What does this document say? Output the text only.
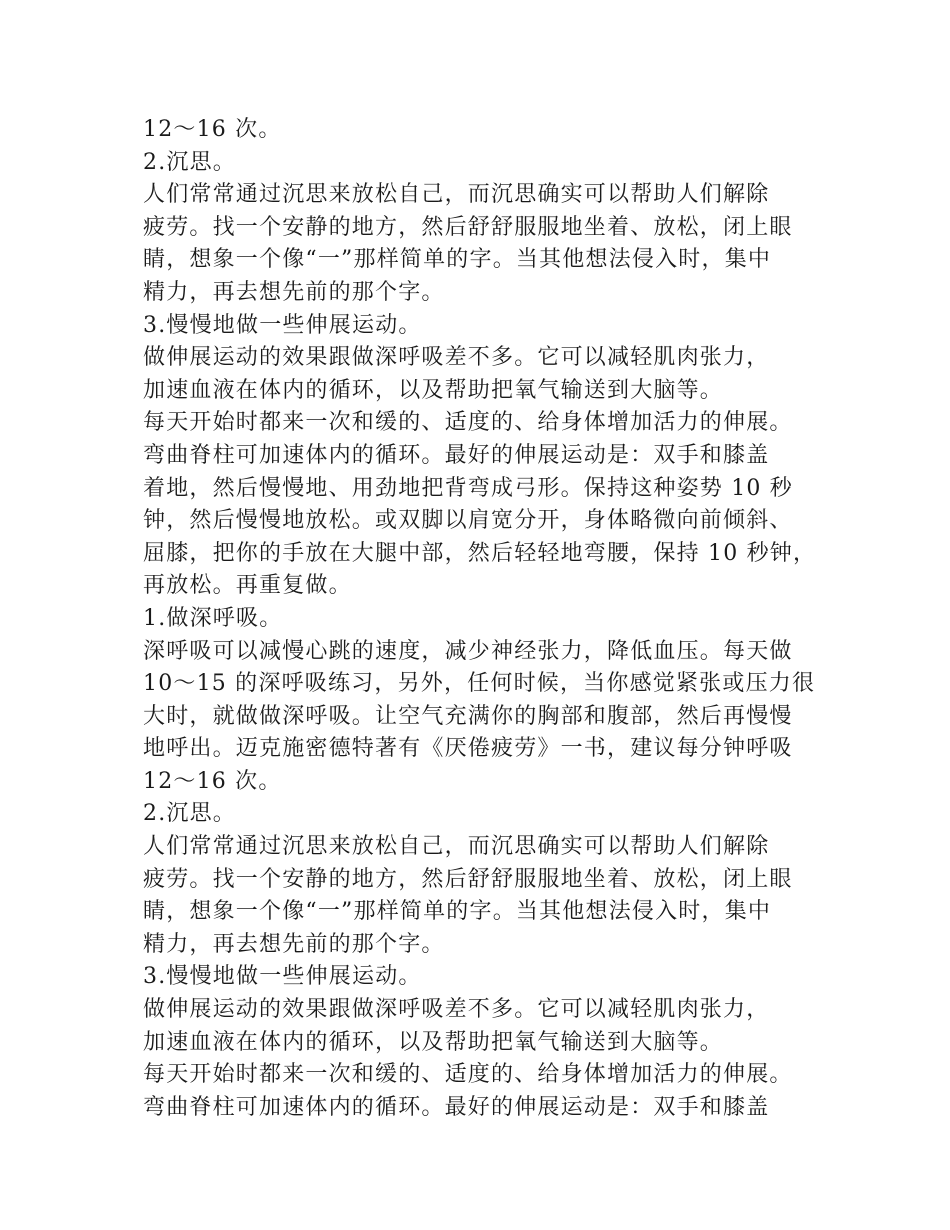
12～16 次。
2.沉思。
人们常常通过沉思来放松自己，而沉思确实可以帮助人们解除
疲劳。找一个安静的地方，然后舒舒服服地坐着、放松，闭上眼
睛，想象一个像“一”那样简单的字。当其他想法侵入时，集中
精力，再去想先前的那个字。
3.慢慢地做一些伸展运动。
做伸展运动的效果跟做深呼吸差不多。它可以减轻肌肉张力，
加速血液在体内的循环，以及帮助把氧气输送到大脑等。
每天开始时都来一次和缓的、适度的、给身体增加活力的伸展。
弯曲脊柱可加速体内的循环。最好的伸展运动是：双手和膝盖
着地，然后慢慢地、用劲地把背弯成弓形。保持这种姿势 10 秒
钟，然后慢慢地放松。或双脚以肩宽分开，身体略微向前倾斜、
屈膝，把你的手放在大腿中部，然后轻轻地弯腰，保持 10 秒钟，
再放松。再重复做。
1.做深呼吸。
深呼吸可以减慢心跳的速度，减少神经张力，降低血压。每天做
10～15 的深呼吸练习，另外，任何时候，当你感觉紧张或压力很
大时，就做做深呼吸。让空气充满你的胸部和腹部，然后再慢慢
地呼出。迈克施密德特著有《厌倦疲劳》一书，建议每分钟呼吸
12～16 次。
2.沉思。
人们常常通过沉思来放松自己，而沉思确实可以帮助人们解除
疲劳。找一个安静的地方，然后舒舒服服地坐着、放松，闭上眼
睛，想象一个像“一”那样简单的字。当其他想法侵入时，集中
精力，再去想先前的那个字。
3.慢慢地做一些伸展运动。
做伸展运动的效果跟做深呼吸差不多。它可以减轻肌肉张力，
加速血液在体内的循环，以及帮助把氧气输送到大脑等。
每天开始时都来一次和缓的、适度的、给身体增加活力的伸展。
弯曲脊柱可加速体内的循环。最好的伸展运动是：双手和膝盖
